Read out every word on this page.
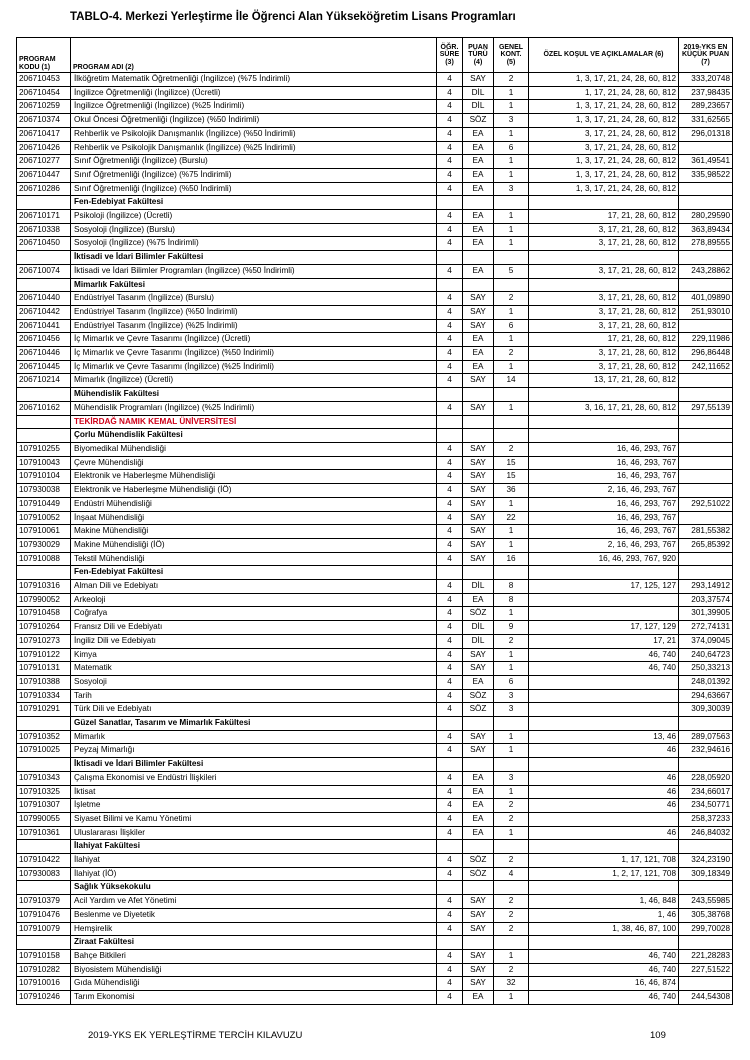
TABLO-4. Merkezi Yerleştirme İle Öğrenci Alan Yükseköğretim Lisans Programları
PROGRAM KODU (1)	PROGRAM ADI (2)	ÖĞR. SÜRE (3)	PUAN TÜRÜ (4)	GENEL KONT. (5)	ÖZEL KOŞUL VE AÇIKLAMALAR (6)	2019-YKS EN KÜÇÜK PUAN (7)
206710453	İlköğretim Matematik Öğretmenliği (İngilizce) (%75 İndirimli)	4	SAY	2	1, 3, 17, 21, 24, 28, 60, 812	333,20748
206710454	İngilizce Öğretmenliği (İngilizce) (Ücretli)	4	DİL	1	1, 17, 21, 24, 28, 60, 812	237,98435
206710259	İngilizce Öğretmenliği (İngilizce) (%25 İndirimli)	4	DİL	1	1, 3, 17, 21, 24, 28, 60, 812	289,23657
206710374	Okul Öncesi Öğretmenliği (İngilizce) (%50 İndirimli)	4	SÖZ	3	1, 3, 17, 21, 24, 28, 60, 812	331,62565
206710417	Rehberlik ve Psikolojik Danışmanlık (İngilizce) (%50 İndirimli)	4	EA	1	3, 17, 21, 24, 28, 60, 812	296,01318
206710426	Rehberlik ve Psikolojik Danışmanlık (İngilizce) (%25 İndirimli)	4	EA	6	3, 17, 21, 24, 28, 60, 812	
206710277	Sınıf Öğretmenliği (İngilizce) (Burslu)	4	EA	1	1, 3, 17, 21, 24, 28, 60, 812	361,49541
206710447	Sınıf Öğretmenliği (İngilizce) (%75 İndirimli)	4	EA	1	1, 3, 17, 21, 24, 28, 60, 812	335,98522
206710286	Sınıf Öğretmenliği (İngilizce) (%50 İndirimli)	4	EA	3	1, 3, 17, 21, 24, 28, 60, 812	
	Fen-Edebiyat Fakültesi					
206710171	Psikoloji (İngilizce) (Ücretli)	4	EA	1	17, 21, 28, 60, 812	280,29590
206710338	Sosyoloji (İngilizce) (Burslu)	4	EA	1	3, 17, 21, 28, 60, 812	363,89434
206710450	Sosyoloji (İngilizce) (%75 İndirimli)	4	EA	1	3, 17, 21, 28, 60, 812	278,89555
	İktisadi ve İdari Bilimler Fakültesi					
206710074	İktisadi ve İdari Bilimler Programları (İngilizce) (%50 İndirimli)	4	EA	5	3, 17, 21, 28, 60, 812	243,28862
	Mimarlık Fakültesi					
206710440	Endüstriyel Tasarım (İngilizce) (Burslu)	4	SAY	2	3, 17, 21, 28, 60, 812	401,09890
206710442	Endüstriyel Tasarım (İngilizce) (%50 İndirimli)	4	SAY	1	3, 17, 21, 28, 60, 812	251,93010
206710441	Endüstriyel Tasarım (İngilizce) (%25 İndirimli)	4	SAY	6	3, 17, 21, 28, 60, 812	
206710456	İç Mimarlık ve Çevre Tasarımı (İngilizce) (Ücretli)	4	EA	1	17, 21, 28, 60, 812	229,11986
206710446	İç Mimarlık ve Çevre Tasarımı (İngilizce) (%50 İndirimli)	4	EA	2	3, 17, 21, 28, 60, 812	296,86448
206710445	İç Mimarlık ve Çevre Tasarımı (İngilizce) (%25 İndirimli)	4	EA	1	3, 17, 21, 28, 60, 812	242,11652
206710214	Mimarlık (İngilizce) (Ücretli)	4	SAY	14	13, 17, 21, 28, 60, 812	
	Mühendislik Fakültesi					
206710162	Mühendislik Programları (İngilizce) (%25 İndirimli)	4	SAY	1	3, 16, 17, 21, 28, 60, 812	297,55139
	TEKİRDAĞ NAMIK KEMAL ÜNİVERSİTESİ					
	Çorlu Mühendislik Fakültesi					
107910255	Biyomedikal Mühendisliği	4	SAY	2	16, 46, 293, 767	
107910043	Çevre Mühendisliği	4	SAY	15	16, 46, 293, 767	
107910104	Elektronik ve Haberleşme Mühendisliği	4	SAY	15	16, 46, 293, 767	
107930038	Elektronik ve Haberleşme Mühendisliği (İÖ)	4	SAY	36	2, 16, 46, 293, 767	
107910449	Endüstri Mühendisliği	4	SAY	1	16, 46, 293, 767	292,51022
107910052	İnşaat Mühendisliği	4	SAY	22	16, 46, 293, 767	
107910061	Makine Mühendisliği	4	SAY	1	16, 46, 293, 767	281,55382
107930029	Makine Mühendisliği (İÖ)	4	SAY	1	2, 16, 46, 293, 767	265,85392
107910088	Tekstil Mühendisliği	4	SAY	16	16, 46, 293, 767, 920	
	Fen-Edebiyat Fakültesi					
107910316	Alman Dili ve Edebiyatı	4	DİL	8	17, 125, 127	293,14912
107990052	Arkeoloji	4	EA	8		203,37574
107910458	Coğrafya	4	SÖZ	1		301,39905
107910264	Fransız Dili ve Edebiyatı	4	DİL	9	17, 127, 129	272,74131
107910273	İngiliz Dili ve Edebiyatı	4	DİL	2	17, 21	374,09045
107910122	Kimya	4	SAY	1	46, 740	240,64723
107910131	Matematik	4	SAY	1	46, 740	250,33213
107910388	Sosyoloji	4	EA	6		248,01392
107910334	Tarih	4	SÖZ	3		294,63667
107910291	Türk Dili ve Edebiyatı	4	SÖZ	3		309,30039
	Güzel Sanatlar, Tasarım ve Mimarlık Fakültesi					
107910352	Mimarlık	4	SAY	1	13, 46	289,07563
107910025	Peyzaj Mimarlığı	4	SAY	1	46	232,94616
	İktisadi ve İdari Bilimler Fakültesi					
107910343	Çalışma Ekonomisi ve Endüstri İlişkileri	4	EA	3	46	228,05920
107910325	İktisat	4	EA	1	46	234,66017
107910307	İşletme	4	EA	2	46	234,50771
107990055	Siyaset Bilimi ve Kamu Yönetimi	4	EA	2		258,37233
107910361	Uluslararası İlişkiler	4	EA	1	46	246,84032
	İlahiyat Fakültesi					
107910422	İlahiyat	4	SÖZ	2	1, 17, 121, 708	324,23190
107930083	İlahiyat (İÖ)	4	SÖZ	4	1, 2, 17, 121, 708	309,18349
	Sağlık Yüksekokulu					
107910379	Acil Yardım ve Afet Yönetimi	4	SAY	2	1, 46, 848	243,55985
107910476	Beslenme ve Diyetetik	4	SAY	2	1, 46	305,38768
107910079	Hemşirelik	4	SAY	2	1, 38, 46, 87, 100	299,70028
	Ziraat Fakültesi					
107910158	Bahçe Bitkileri	4	SAY	1	46, 740	221,28283
107910282	Biyosistem Mühendisliği	4	SAY	2	46, 740	227,51522
107910016	Gıda Mühendisliği	4	SAY	32	16, 46, 874	
107910246	Tarım Ekonomisi	4	EA	1	46, 740	244,54308
2019-YKS EK YERLEŞTİRME TERCİH KILAVUZU	109
